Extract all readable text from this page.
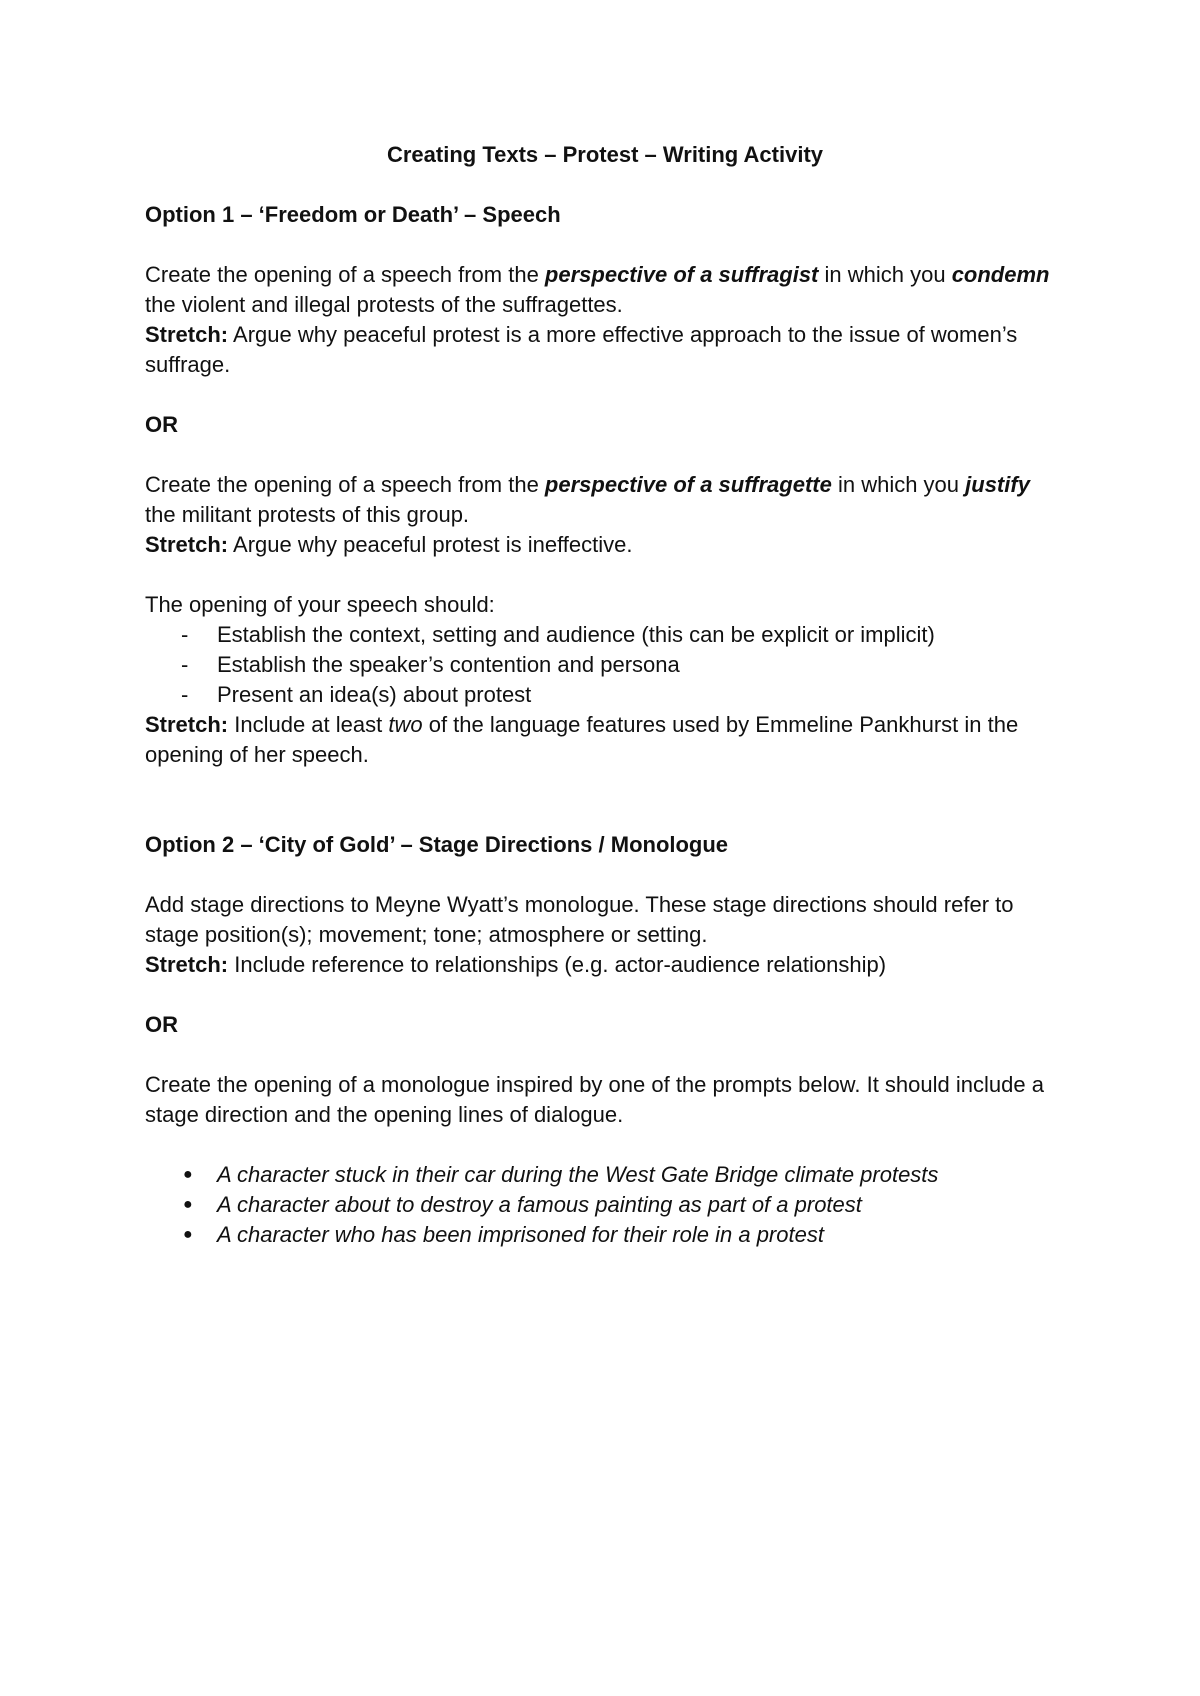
Creating Texts – Protest – Writing Activity

Option 1 – ‘Freedom or Death’ – Speech

Create the opening of a speech from the perspective of a suffragist in which you condemn the violent and illegal protests of the suffragettes.

Stretch: Argue why peaceful protest is a more effective approach to the issue of women’s suffrage.

OR

Create the opening of a speech from the perspective of a suffragette in which you justify the militant protests of this group.

Stretch: Argue why peaceful protest is ineffective.

The opening of your speech should:

- Establish the context, setting and audience (this can be explicit or implicit)
- Establish the speaker’s contention and persona
- Present an idea(s) about protest

Stretch: Include at least two of the language features used by Emmeline Pankhurst in the opening of her speech.

Option 2 – ‘City of Gold’ – Stage Directions / Monologue

Add stage directions to Meyne Wyatt’s monologue. These stage directions should refer to stage position(s); movement; tone; atmosphere or setting.

Stretch: Include reference to relationships (e.g. actor-audience relationship)

OR

Create the opening of a monologue inspired by one of the prompts below. It should include a stage direction and the opening lines of dialogue.

● A character stuck in their car during the West Gate Bridge climate protests
● A character about to destroy a famous painting as part of a protest
● A character who has been imprisoned for their role in a protest
